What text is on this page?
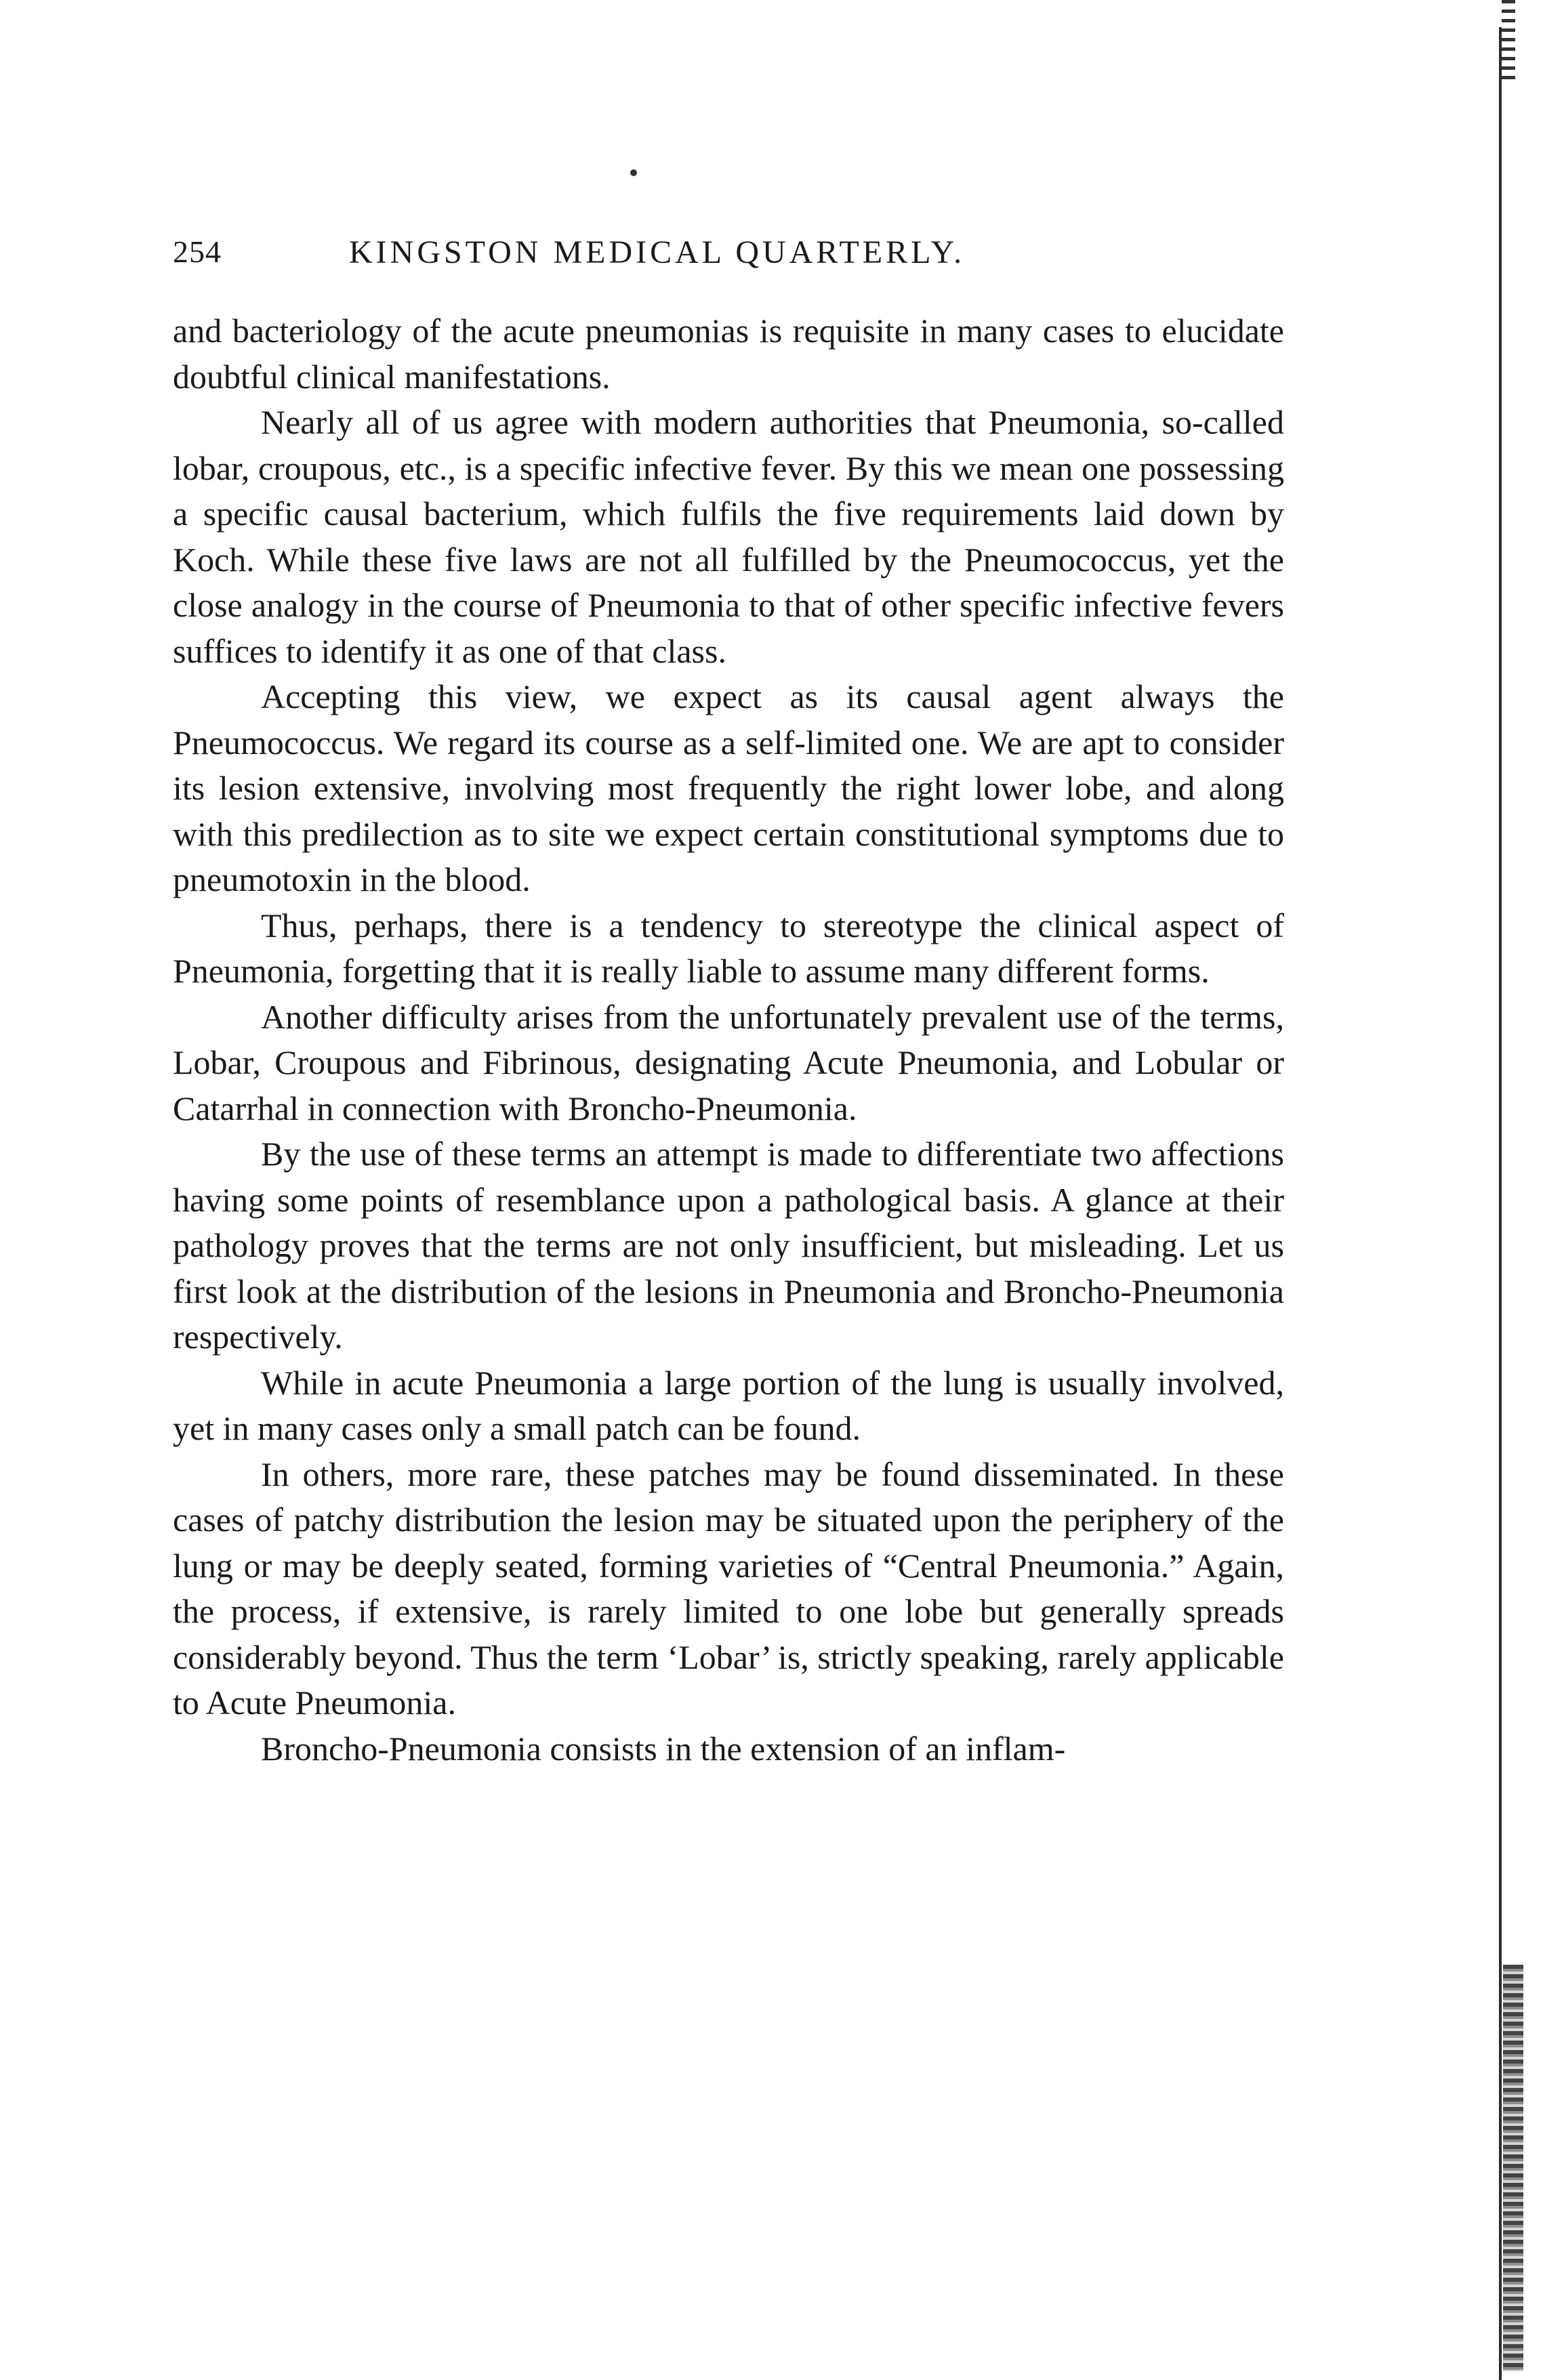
254	KINGSTON MEDICAL QUARTERLY.

and bacteriology of the acute pneumonias is requisite in many cases to elucidate doubtful clinical manifestations.

Nearly all of us agree with modern authorities that Pneumonia, so-called lobar, croupous, etc., is a specific infective fever. By this we mean one possessing a specific causal bacterium, which fulfils the five requirements laid down by Koch. While these five laws are not all fulfilled by the Pneumococcus, yet the close analogy in the course of Pneumonia to that of other specific infective fevers suffices to identify it as one of that class.

Accepting this view, we expect as its causal agent always the Pneumococcus. We regard its course as a self-limited one. We are apt to consider its lesion extensive, involving most frequently the right lower lobe, and along with this predilection as to site we expect certain constitutional symptoms due to pneumotoxin in the blood.

Thus, perhaps, there is a tendency to stereotype the clinical aspect of Pneumonia, forgetting that it is really liable to assume many different forms.

Another difficulty arises from the unfortunately prevalent use of the terms, Lobar, Croupous and Fibrinous, designating Acute Pneumonia, and Lobular or Catarrhal in connection with Broncho-Pneumonia.

By the use of these terms an attempt is made to differentiate two affections having some points of resemblance upon a pathological basis. A glance at their pathology proves that the terms are not only insufficient, but misleading. Let us first look at the distribution of the lesions in Pneumonia and Broncho-Pneumonia respectively.

While in acute Pneumonia a large portion of the lung is usually involved, yet in many cases only a small patch can be found.

In others, more rare, these patches may be found disseminated. In these cases of patchy distribution the lesion may be situated upon the periphery of the lung or may be deeply seated, forming varieties of “Central Pneumonia.” Again, the process, if extensive, is rarely limited to one lobe but generally spreads considerably beyond. Thus the term ‘Lobar’ is, strictly speaking, rarely applicable to Acute Pneumonia.

Broncho-Pneumonia consists in the extension of an inflam-
